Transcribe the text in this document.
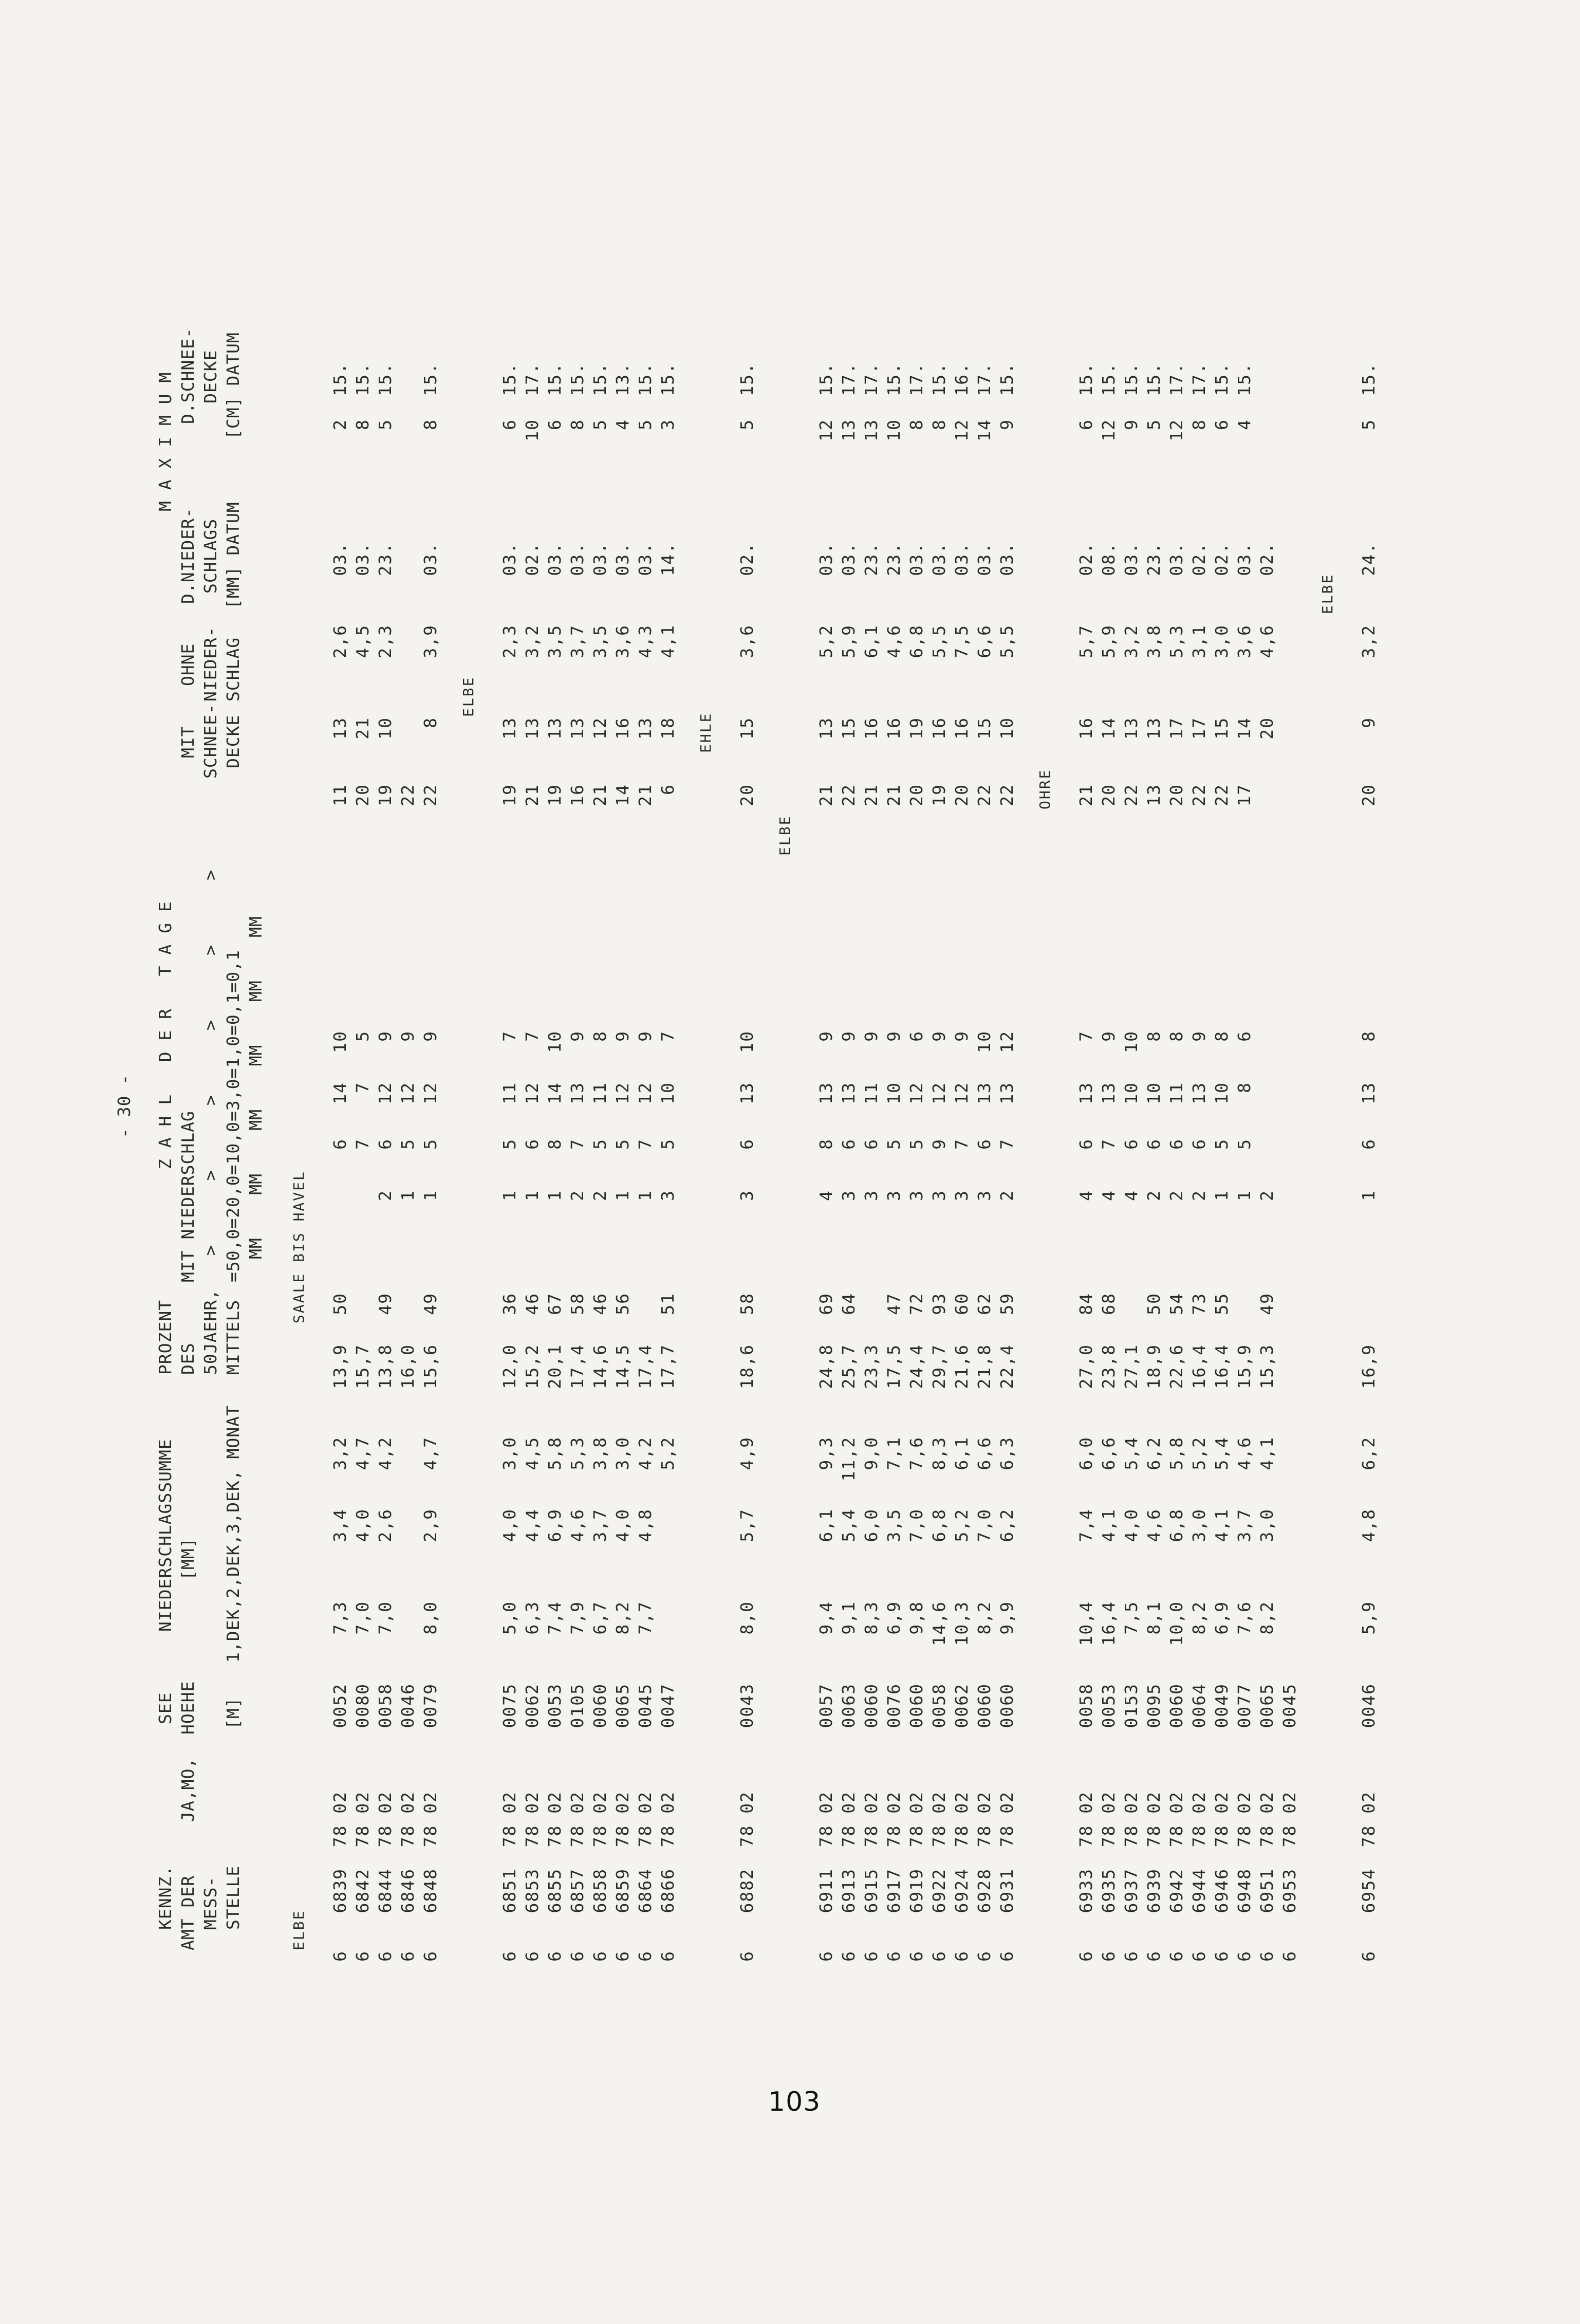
103
- 30 -
KENNZ. AMT DER MESS- STELLE
JA,MO,
SEE HOEHE [M]
NIEDERSCHLAGSSUMME [MM] 1,DEK,2,DEK,3,DEK, MONAT
PROZENT DES 50JAEHR, MITTELS
Z A H L   D E R   T A G E
MIT NIEDERSCHLAG >      >      >      >      >      > =50,0=20,0=10,0=3,0=1,0=0,1=0,1 MM    MM    MM    MM    MM    MM
MIT SCHNEE- DECKE
OHNE NIEDER- SCHLAG
M A X I M U M
D.NIEDER- SCHLAGS [MM] DATUM
D.SCHNEE- DECKE [CM] DATUM
ELBE
SAALE BIS HAVEL
6
6839
78 02
0052
7,3
3,4
3,2
13,9
50
6
14
10
11
13
2,6
03.
2
15.
6
6842
78 02
0080
7,0
4,0
4,7
15,7
7
7
5
20
21
4,5
03.
8
15.
6
6844
78 02
0058
7,0
2,6
4,2
13,8
49
2
6
12
9
19
10
2,3
23.
5
15.
6
6846
78 02
0046
16,0
1
5
12
9
22
6
6848
78 02
0079
8,0
2,9
4,7
15,6
49
1
5
12
9
22
8
3,9
03.
8
15.
ELBE
6
6851
78 02
0075
5,0
4,0
3,0
12,0
36
1
5
11
7
19
13
2,3
03.
6
15.
6
6853
78 02
0062
6,3
4,4
4,5
15,2
46
1
6
12
7
21
13
3,2
02.
10
17.
6
6855
78 02
0053
7,4
6,9
5,8
20,1
67
1
8
14
10
19
13
3,5
03.
6
15.
6
6857
78 02
0105
7,9
4,6
5,3
17,4
58
2
7
13
9
16
13
3,7
03.
8
15.
6
6858
78 02
0060
6,7
3,7
3,8
14,6
46
2
5
11
8
21
12
3,5
03.
5
15.
6
6859
78 02
0065
8,2
4,0
3,0
14,5
56
1
5
12
9
14
16
3,6
03.
4
13.
6
6864
78 02
0045
7,7
4,8
4,2
17,4
1
7
12
9
21
13
4,3
03.
5
15.
6
6866
78 02
0047
5,2
17,7
51
3
5
10
7
6
18
4,1
14.
3
15.
EHLE
6
6882
78 02
0043
8,0
5,7
4,9
18,6
58
3
6
13
10
20
15
3,6
02.
5
15.
ELBE
6
6911
78 02
0057
9,4
6,1
9,3
24,8
69
4
8
13
9
21
13
5,2
03.
12
15.
6
6913
78 02
0063
9,1
5,4
11,2
25,7
64
3
6
13
9
22
15
5,9
03.
13
17.
6
6915
78 02
0060
8,3
6,0
9,0
23,3
3
6
11
9
21
16
6,1
23.
13
17.
6
6917
78 02
0076
6,9
3,5
7,1
17,5
47
3
5
10
9
21
16
4,6
23.
10
15.
6
6919
78 02
0060
9,8
7,0
7,6
24,4
72
3
5
12
6
20
19
6,8
03.
8
17.
6
6922
78 02
0058
14,6
6,8
8,3
29,7
93
3
9
12
9
19
16
5,5
03.
8
15.
6
6924
78 02
0062
10,3
5,2
6,1
21,6
60
3
7
12
9
20
16
7,5
03.
12
16.
6
6928
78 02
0060
8,2
7,0
6,6
21,8
62
3
6
13
10
22
15
6,6
03.
14
17.
6
6931
78 02
0060
9,9
6,2
6,3
22,4
59
2
7
13
12
22
10
5,5
03.
9
15.
OHRE
6
6933
78 02
0058
10,4
7,4
6,0
27,0
84
4
6
13
7
21
16
5,7
02.
6
15.
6
6935
78 02
0053
16,4
4,1
6,6
23,8
68
4
7
13
9
20
14
5,9
08.
12
15.
6
6937
78 02
0153
7,5
4,0
5,4
27,1
4
6
10
10
22
13
3,2
03.
9
15.
6
6939
78 02
0095
8,1
4,6
6,2
18,9
50
2
6
10
8
13
13
3,8
23.
5
15.
6
6942
78 02
0060
10,0
6,8
5,8
22,6
54
2
6
11
8
20
17
5,3
03.
12
17.
6
6944
78 02
0064
8,2
3,0
5,2
16,4
73
2
6
13
9
22
17
3,1
02.
8
17.
6
6946
78 02
0049
6,9
4,1
5,4
16,4
55
1
5
10
8
22
15
3,0
02.
6
15.
6
6948
78 02
0077
7,6
3,7
4,6
15,9
1
5
8
6
17
14
3,6
03.
4
15.
6
6951
78 02
0065
8,2
3,0
4,1
15,3
49
2
20
4,6
02.
6
6953
78 02
0045
ELBE
6
6954
78 02
0046
5,9
4,8
6,2
16,9
1
6
13
8
20
9
3,2
24.
5
15.
